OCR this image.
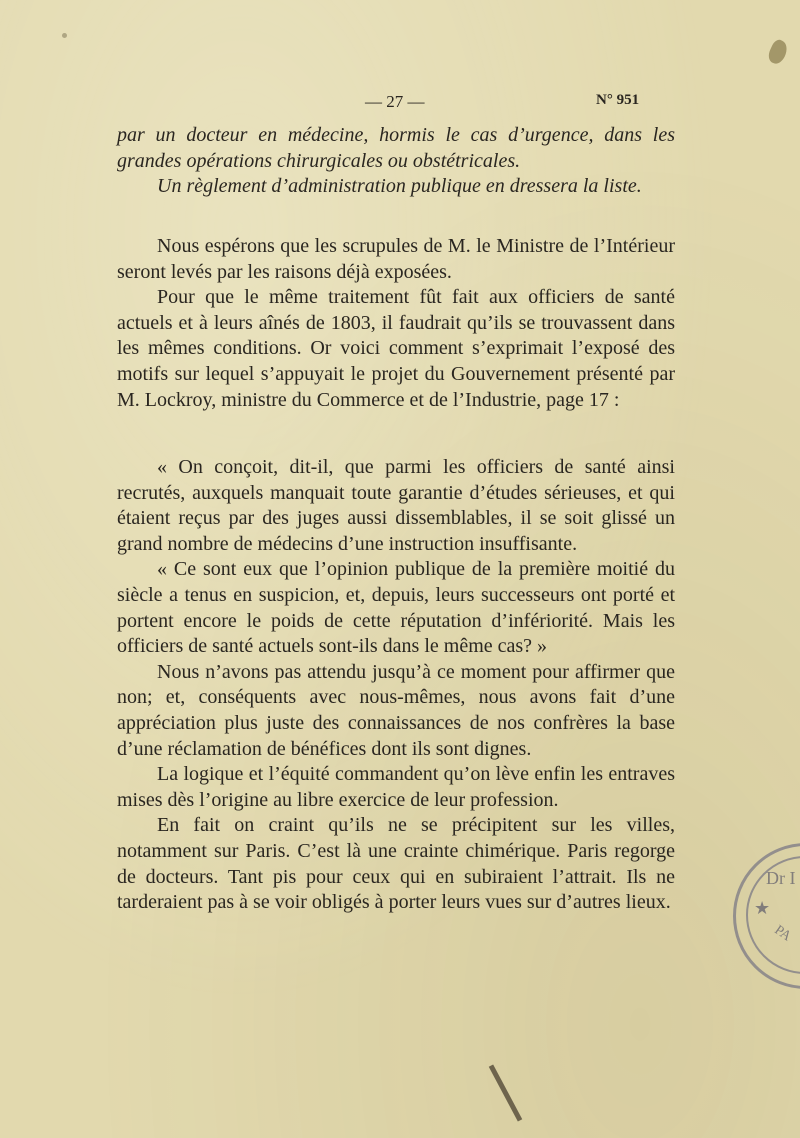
— 27 —	N° 951

par un docteur en médecine, hormis le cas d’urgence, dans les grandes opérations chirurgicales ou obstétricales.

Un règlement d’administration publique en dressera la liste.

Nous espérons que les scrupules de M. le Ministre de l’Intérieur seront levés par les raisons déjà exposées.

Pour que le même traitement fût fait aux officiers de santé actuels et à leurs aînés de 1803, il faudrait qu’ils se trouvassent dans les mêmes conditions. Or voici comment s’exprimait l’exposé des motifs sur lequel s’appuyait le projet du Gouvernement présenté par M. Lockroy, ministre du Commerce et de l’Industrie, page 17 :

« On conçoit, dit-il, que parmi les officiers de santé ainsi recrutés, auxquels manquait toute garantie d’études sérieuses, et qui étaient reçus par des juges aussi dissemblables, il se soit glissé un grand nombre de médecins d’une instruction insuffisante.

« Ce sont eux que l’opinion publique de la première moitié du siècle a tenus en suspicion, et, depuis, leurs successeurs ont porté et portent encore le poids de cette réputation d’infériorité. Mais les officiers de santé actuels sont-ils dans le même cas? »

Nous n’avons pas attendu jusqu’à ce moment pour affirmer que non; et, conséquents avec nous-mêmes, nous avons fait d’une appréciation plus juste des connaissances de nos confrères la base d’une réclamation de bénéfices dont ils sont dignes.

La logique et l’équité commandent qu’on lève enfin les entraves mises dès l’origine au libre exercice de leur profession.

En fait on craint qu’ils ne se précipitent sur les villes, notamment sur Paris. C’est là une crainte chimérique. Paris regorge de docteurs. Tant pis pour ceux qui en subiraient l’attrait. Ils ne tarderaient pas à se voir obligés à porter leurs vues sur d’autres lieux.

Dr I
★
PA
